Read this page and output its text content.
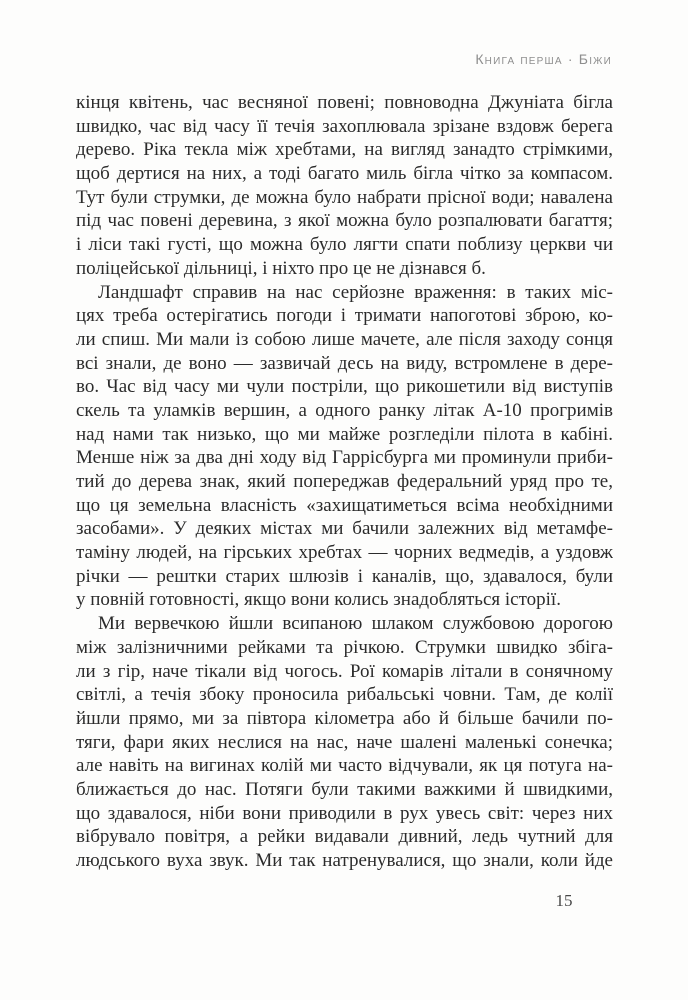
Книга перша · Біжи
кінця квітень, час весняної повені; повноводна Джуніата бігла
швидко, час від часу її течія захоплювала зрізане вздовж берега
дерево. Ріка текла між хребтами, на вигляд занадто стрімкими,
щоб дертися на них, а тоді багато миль бігла чітко за компасом.
Тут були струмки, де можна було набрати прісної води; навалена
під час повені деревина, з якої можна було розпалювати багаття;
і ліси такі густі, що можна було лягти спати поблизу церкви чи
поліцейської дільниці, і ніхто про це не дізнався б.
Ландшафт справив на нас серйозне враження: в таких міс-
цях треба остерігатись погоди і тримати напоготові зброю, ко-
ли спиш. Ми мали із собою лише мачете, але після заходу сонця
всі знали, де воно — зазвичай десь на виду, встромлене в дере-
во. Час від часу ми чули постріли, що рикошетили від виступів
скель та уламків вершин, а одного ранку літак А-10 прогримів
над нами так низько, що ми майже розгледіли пілота в кабіні.
Менше ніж за два дні ходу від Гаррісбурга ми проминули приби-
тий до дерева знак, який попереджав федеральний уряд про те,
що ця земельна власність «захищатиметься всіма необхідними
засобами». У деяких містах ми бачили залежних від метамфе-
таміну людей, на гірських хребтах — чорних ведмедів, а уздовж
річки — рештки старих шлюзів і каналів, що, здавалося, були
у повній готовності, якщо вони колись знадобляться історії.
Ми вервечкою йшли всипаною шлаком службовою дорогою
між залізничними рейками та річкою. Струмки швидко збіга-
ли з гір, наче тікали від чогось. Рої комарів літали в сонячному
світлі, а течія збоку проносила рибальські човни. Там, де колії
йшли прямо, ми за півтора кілометра або й більше бачили по-
тяги, фари яких неслися на нас, наче шалені маленькі сонечка;
але навіть на вигинах колій ми часто відчували, як ця потуга на-
ближається до нас. Потяги були такими важкими й швидкими,
що здавалося, ніби вони приводили в рух увесь світ: через них
вібрувало повітря, а рейки видавали дивний, ледь чутний для
людського вуха звук. Ми так натренувалися, що знали, коли йде
15
